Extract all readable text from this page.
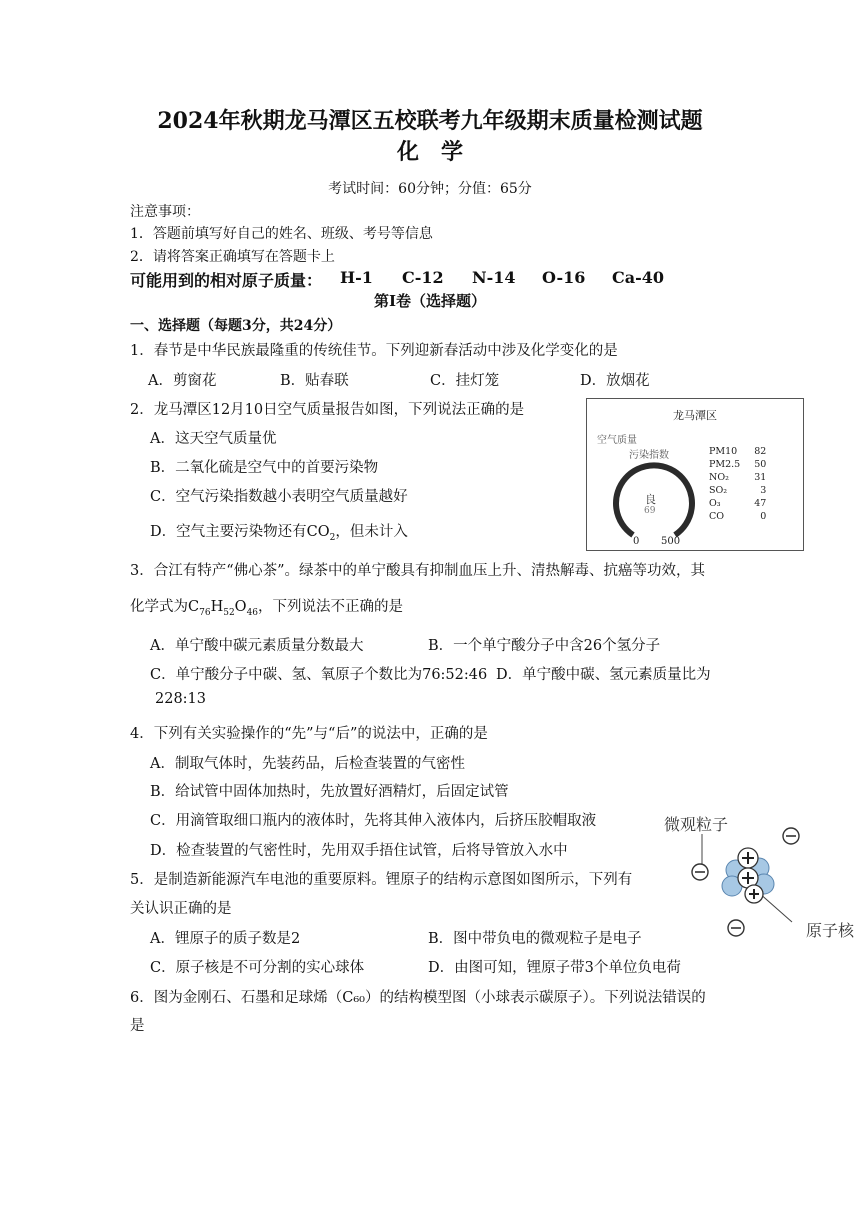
2024年秋期龙马潭区五校联考九年级期末质量检测试题
化　学
考试时间：60分钟；分值：65分
注意事项：
1．答题前填写好自己的姓名、班级、考号等信息
2．请将答案正确填写在答题卡上
可能用到的相对原子质量： H-1 C-12 N-14 O-16 Ca-40
第Ⅰ卷（选择题）
一、选择题（每题3分，共24分）
1．春节是中华民族最隆重的传统佳节。下列迎新春活动中涉及化学变化的是
A．剪窗花	B．贴春联	C．挂灯笼	D．放烟花
2．龙马潭区12月10日空气质量报告如图，下列说法正确的是
A．这天空气质量优
B．二氧化硫是空气中的首要污染物
C．空气污染指数越小表明空气质量越好
D．空气主要污染物还有$CO_2$，但未计入
龙马潭区
空气质量
污染指数
良
69
0 500
PM10	82
PM2.5	50
NO₂	31
SO₂	3
O₃	47
CO	0
3．合江有特产“佛心茶”。绿茶中的单宁酸具有抑制血压上升、清热解毒、抗癌等功效，其
化学式为$C_{76}H_{52}O_{46}$，下列说法不正确的是
A．单宁酸中碳元素质量分数最大	B．一个单宁酸分子中含26个氢分子
C．单宁酸分子中碳、氢、氧原子个数比为76:52:46 D．单宁酸中碳、氢元素质量比为
228:13
4．下列有关实验操作的“先”与“后”的说法中，正确的是
A．制取气体时，先装药品，后检查装置的气密性
B．给试管中固体加热时，先放置好酒精灯，后固定试管
C．用滴管取细口瓶内的液体时，先将其伸入液体内，后挤压胶帽取液
D．检查装置的气密性时，先用双手捂住试管，后将导管放入水中
微观粒子
原子核
5．是制造新能源汽车电池的重要原料。锂原子的结构示意图如图所示，下列有
关认识正确的是
A．锂原子的质子数是2	B．图中带负电的微观粒子是电子
C．原子核是不可分割的实心球体	D．由图可知，锂原子带3个单位负电荷
6．图为金刚石、石墨和足球烯（C₆₀）的结构模型图（小球表示碳原子）。下列说法错误的
是
